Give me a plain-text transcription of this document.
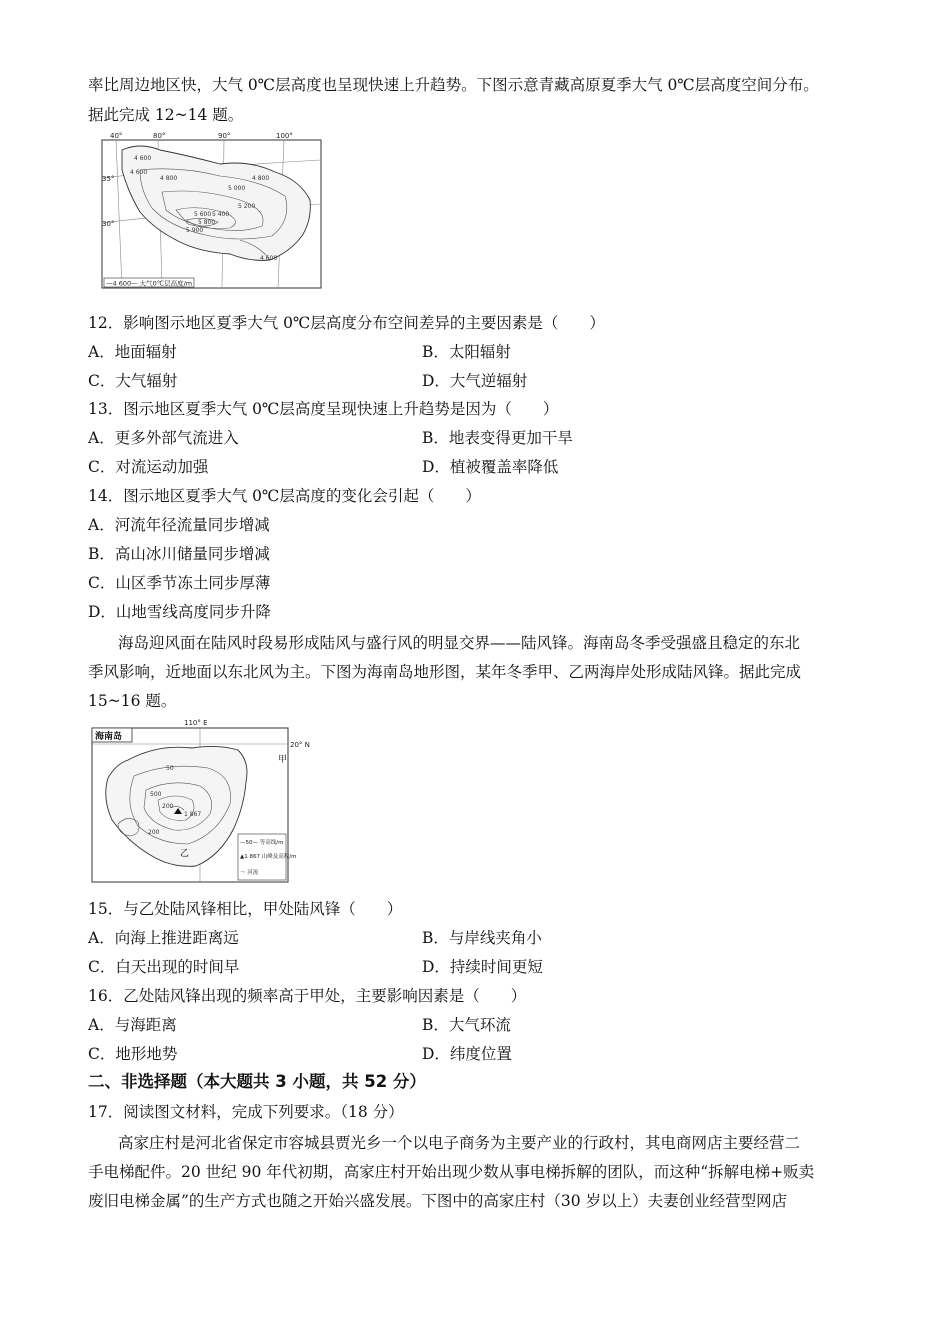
率比周边地区快，大气 0℃层高度也呈现快速上升趋势。下图示意青藏高原夏季大气 0℃层高度空间分布。
据此完成 12~14 题。
—4 600— 大气0℃层高度/m
40°	80°	90°	100°
35°
30°
4 600
4 800
5 000
5 200
5 400
5 600
5 800
5 900
4 600
4 600
4 800
12．影响图示地区夏季大气 0℃层高度分布空间差异的主要因素是（　　）
A．地面辐射	B．太阳辐射
C．大气辐射	D．大气逆辐射
13．图示地区夏季大气 0℃层高度呈现快速上升趋势是因为（　　）
A．更多外部气流进入	B．地表变得更加干旱
C．对流运动加强	D．植被覆盖率降低
14．图示地区夏季大气 0℃层高度的变化会引起（　　）
A．河流年径流量同步增减
B．高山冰川储量同步增减
C．山区季节冻土同步厚薄
D．山地雪线高度同步升降
海岛迎风面在陆风时段易形成陆风与盛行风的明显交界——陆风锋。海南岛冬季受强盛且稳定的东北
季风影响，近地面以东北风为主。下图为海南岛地形图，某年冬季甲、乙两海岸处形成陆风锋。据此完成
15~16 题。
海南岛
110° E
20° N
甲
乙
50
500
200
200
1 867
—50— 等高线/m
▲1 867 山峰及高程/m
～ 河流
15．与乙处陆风锋相比，甲处陆风锋（　　）
A．向海上推进距离远	B．与岸线夹角小
C．白天出现的时间早	D．持续时间更短
16．乙处陆风锋出现的频率高于甲处，主要影响因素是（　　）
A．与海距离	B．大气环流
C．地形地势	D．纬度位置
二、非选择题（本大题共 3 小题，共 52 分）
17．阅读图文材料，完成下列要求。（18 分）
高家庄村是河北省保定市容城县贾光乡一个以电子商务为主要产业的行政村，其电商网店主要经营二
手电梯配件。20 世纪 90 年代初期，高家庄村开始出现少数从事电梯拆解的团队，而这种“拆解电梯+贩卖
废旧电梯金属”的生产方式也随之开始兴盛发展。下图中的高家庄村（30 岁以上）夫妻创业经营型网店
